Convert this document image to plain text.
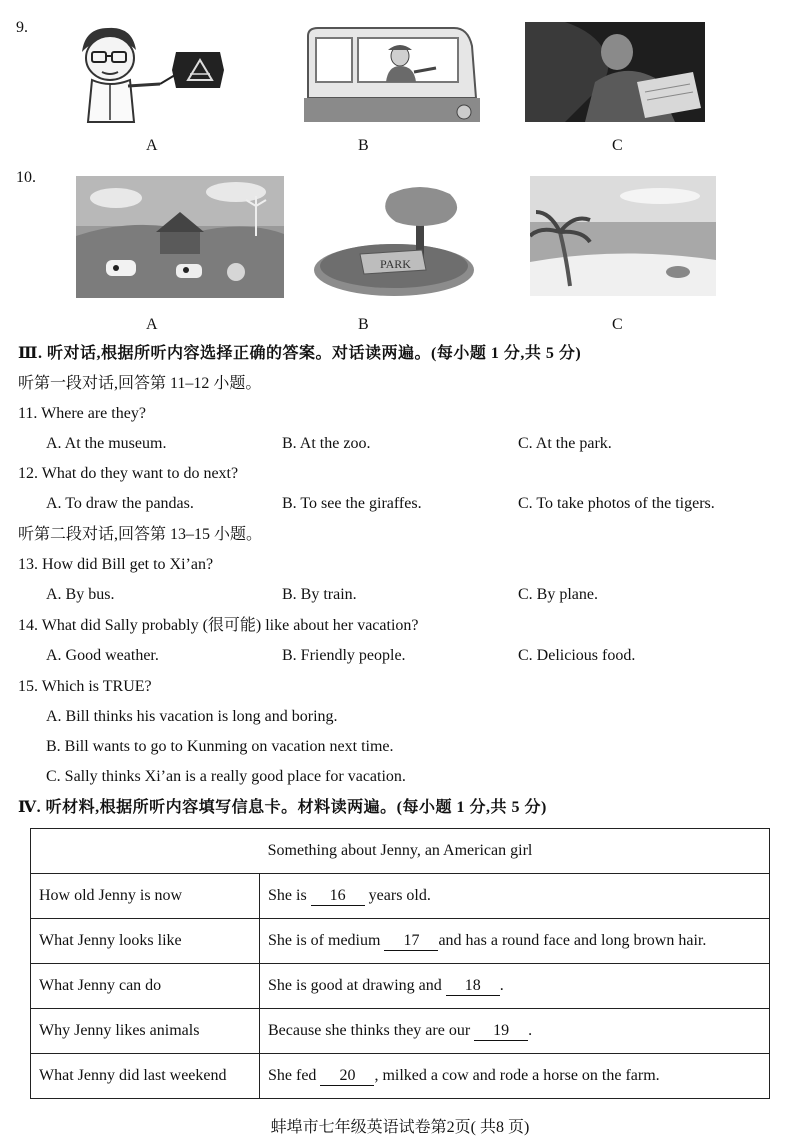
9.
A	B	C
10.
PARK
A	B	C
Ⅲ. 听对话,根据所听内容选择正确的答案。对话读两遍。(每小题 1 分,共 5 分)
听第一段对话,回答第 11–12 小题。
11. Where are they?
A. At the museum.	B. At the zoo.	C. At the park.
12. What do they want to do next?
A. To draw the pandas.	B. To see the giraffes.	C. To take photos of the tigers.
听第二段对话,回答第 13–15 小题。
13. How did Bill get to Xi’an?
A. By bus.	B. By train.	C. By plane.
14. What did Sally probably (很可能) like about her vacation?
A. Good weather.	B. Friendly people.	C. Delicious food.
15. Which is TRUE?
A. Bill thinks his vacation is long and boring.
B. Bill wants to go to Kunming on vacation next time.
C. Sally thinks Xi’an is a really good place for vacation.
Ⅳ. 听材料,根据所听内容填写信息卡。材料读两遍。(每小题 1 分,共 5 分)
Something about Jenny, an American girl	
How old Jenny is now	She is 16 years old.
What Jenny looks like	She is of medium 17 and has a round face and long brown hair.
What Jenny can do	She is good at drawing and 18 .
Why Jenny likes animals	Because she thinks they are our 19 .
What Jenny did last weekend	She fed 20 , milked a cow and rode a horse on the farm.
蚌埠市七年级英语试卷第2页( 共8 页)
